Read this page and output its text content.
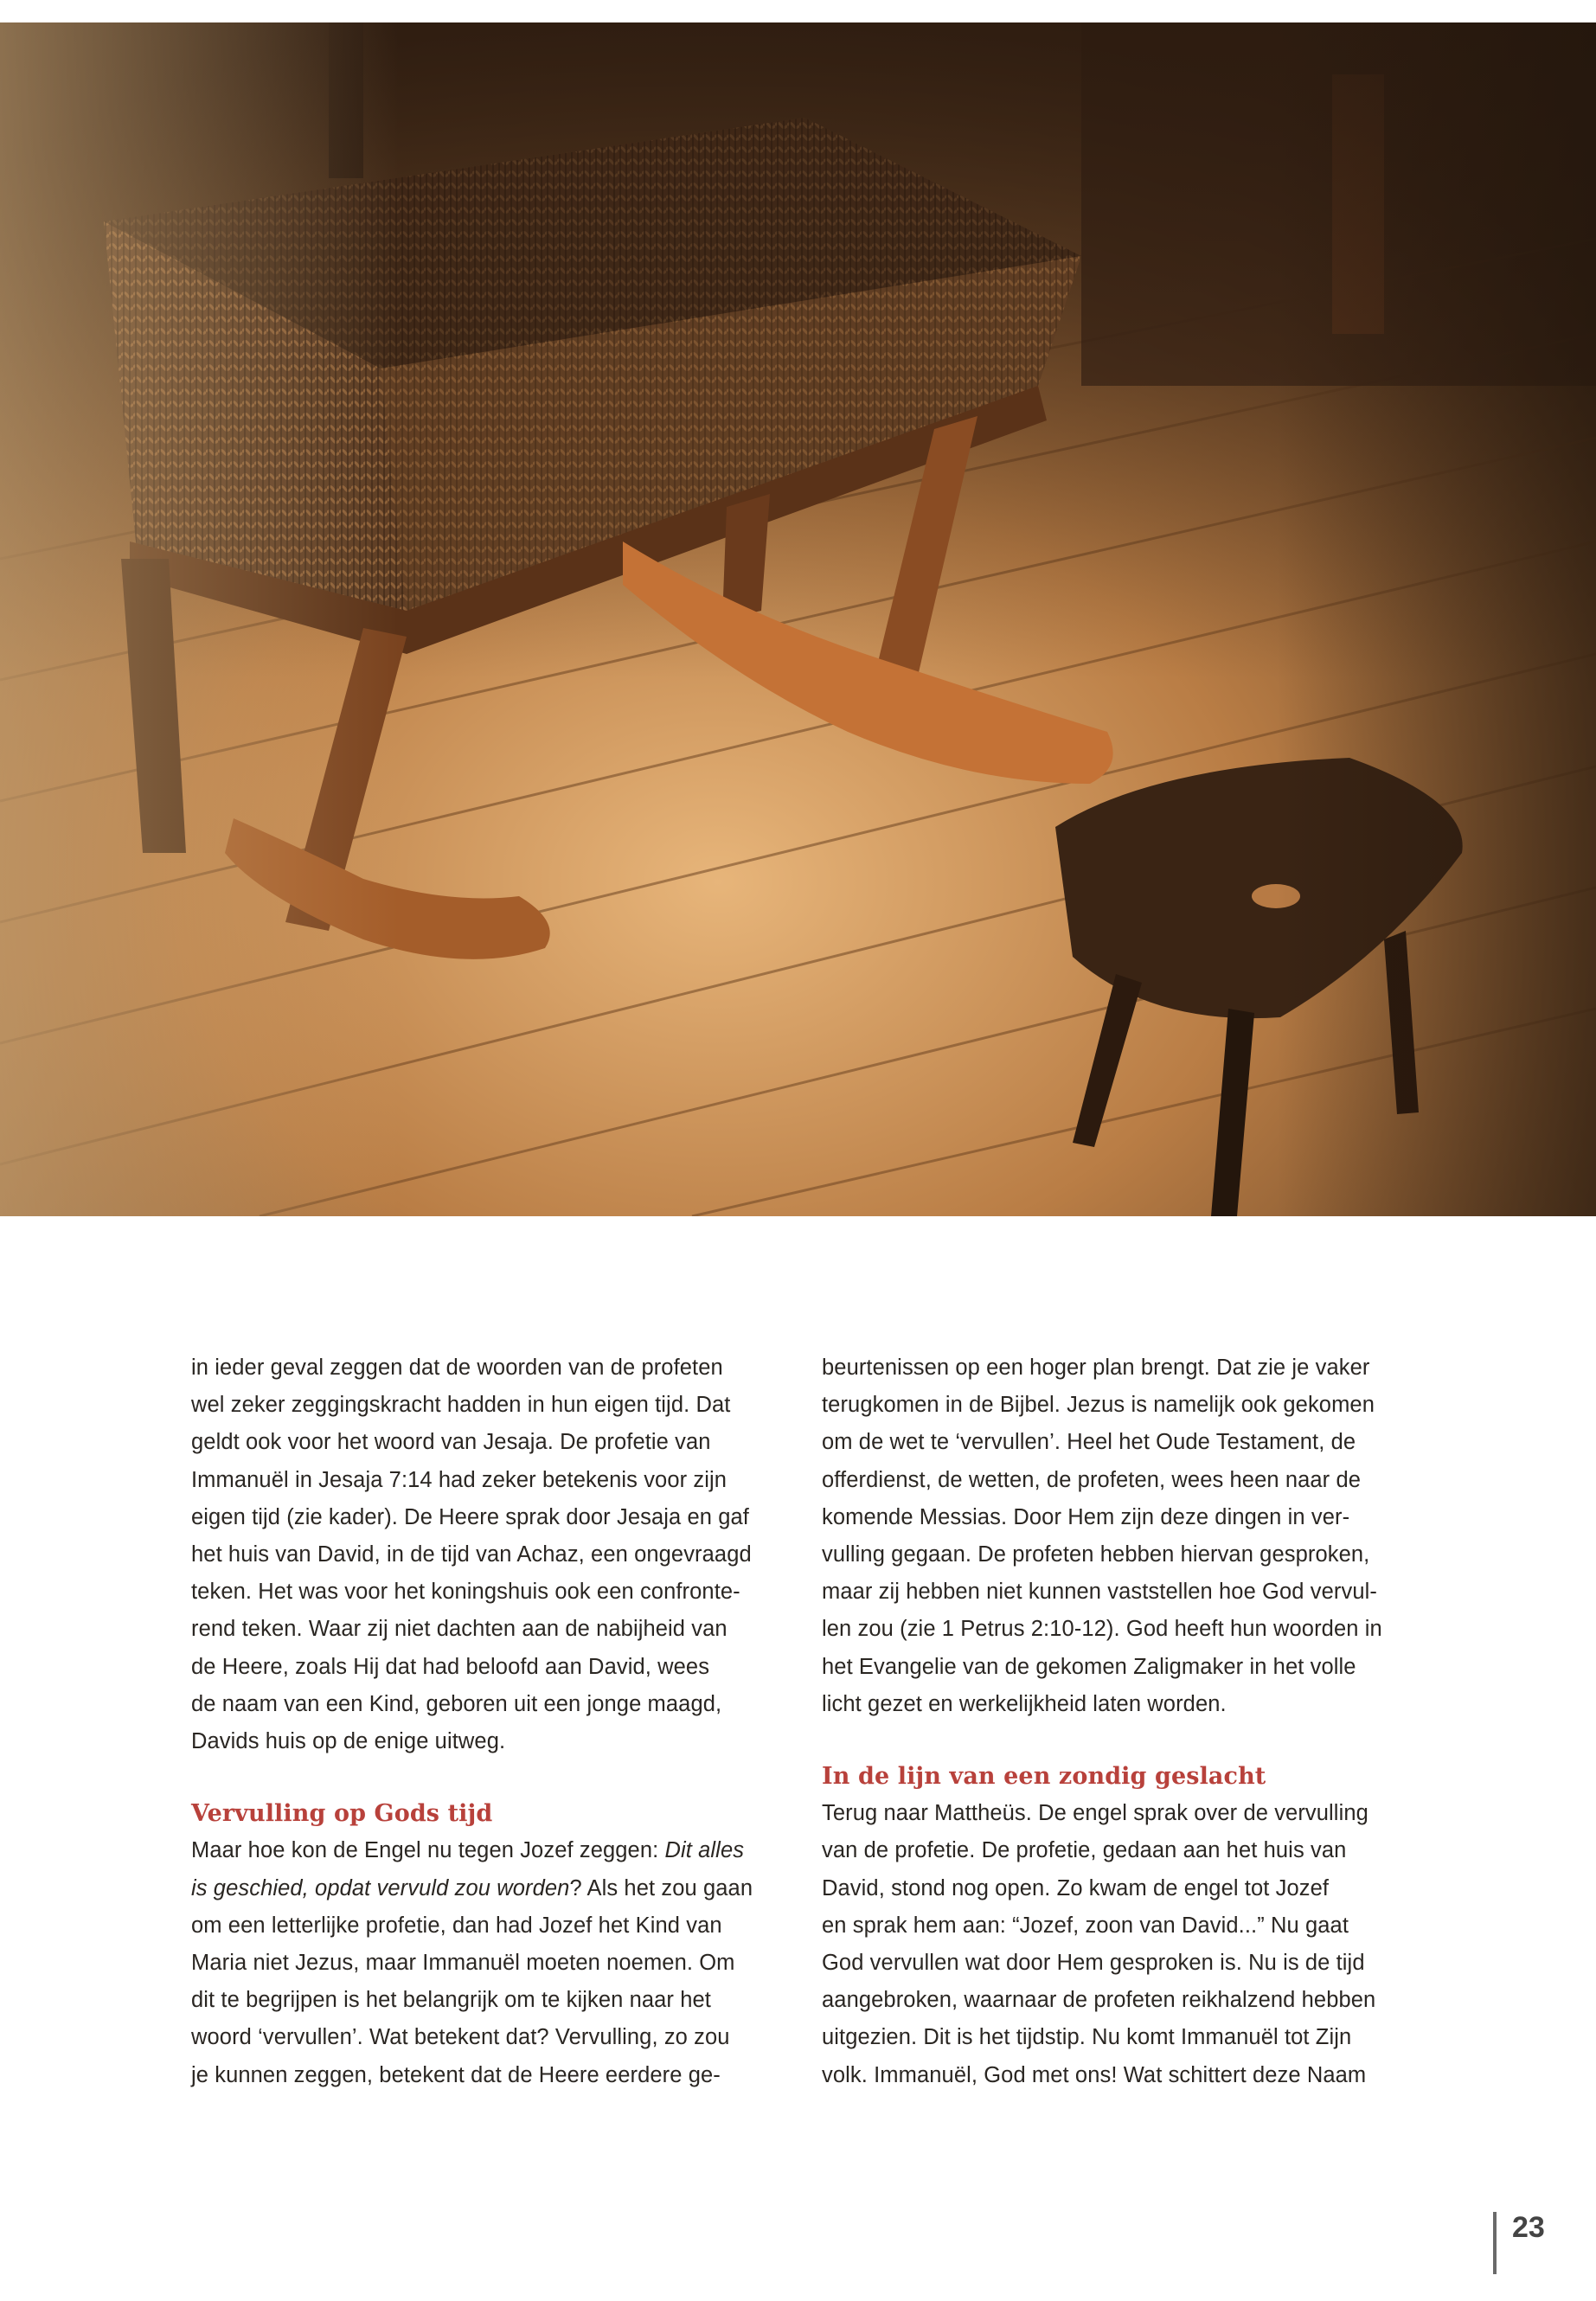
in ieder geval zeggen dat de woorden van de profeten
wel zeker zeggingskracht hadden in hun eigen tijd. Dat
geldt ook voor het woord van Jesaja. De profetie van
Immanuël in Jesaja 7:14 had zeker betekenis voor zijn
eigen tijd (zie kader). De Heere sprak door Jesaja en gaf
het huis van David, in de tijd van Achaz, een ongevraagd
teken. Het was voor het koningshuis ook een confronte-
rend teken. Waar zij niet dachten aan de nabijheid van
de Heere, zoals Hij dat had beloofd aan David, wees
de naam van een Kind, geboren uit een jonge maagd,
Davids huis op de enige uitweg.

Vervulling op Gods tijd

Maar hoe kon de Engel nu tegen Jozef zeggen: Dit alles
is geschied, opdat vervuld zou worden? Als het zou gaan
om een letterlijke profetie, dan had Jozef het Kind van
Maria niet Jezus, maar Immanuël moeten noemen. Om
dit te begrijpen is het belangrijk om te kijken naar het
woord ‘vervullen’. Wat betekent dat? Vervulling, zo zou
je kunnen zeggen, betekent dat de Heere eerdere ge-

beurtenissen op een hoger plan brengt. Dat zie je vaker
terugkomen in de Bijbel. Jezus is namelijk ook gekomen
om de wet te ‘vervullen’. Heel het Oude Testament, de
offerdienst, de wetten, de profeten, wees heen naar de
komende Messias. Door Hem zijn deze dingen in ver-
vulling gegaan. De profeten hebben hiervan gesproken,
maar zij hebben niet kunnen vaststellen hoe God vervul-
len zou (zie 1 Petrus 2:10-12). God heeft hun woorden in
het Evangelie van de gekomen Zaligmaker in het volle
licht gezet en werkelijkheid laten worden.

In de lijn van een zondig geslacht

Terug naar Mattheüs. De engel sprak over de vervulling
van de profetie. De profetie, gedaan aan het huis van
David, stond nog open. Zo kwam de engel tot Jozef
en sprak hem aan: “Jozef, zoon van David...” Nu gaat
God vervullen wat door Hem gesproken is. Nu is de tijd
aangebroken, waarnaar de profeten reikhalzend hebben
uitgezien. Dit is het tijdstip. Nu komt Immanuël tot Zijn
volk. Immanuël, God met ons! Wat schittert deze Naam

23
